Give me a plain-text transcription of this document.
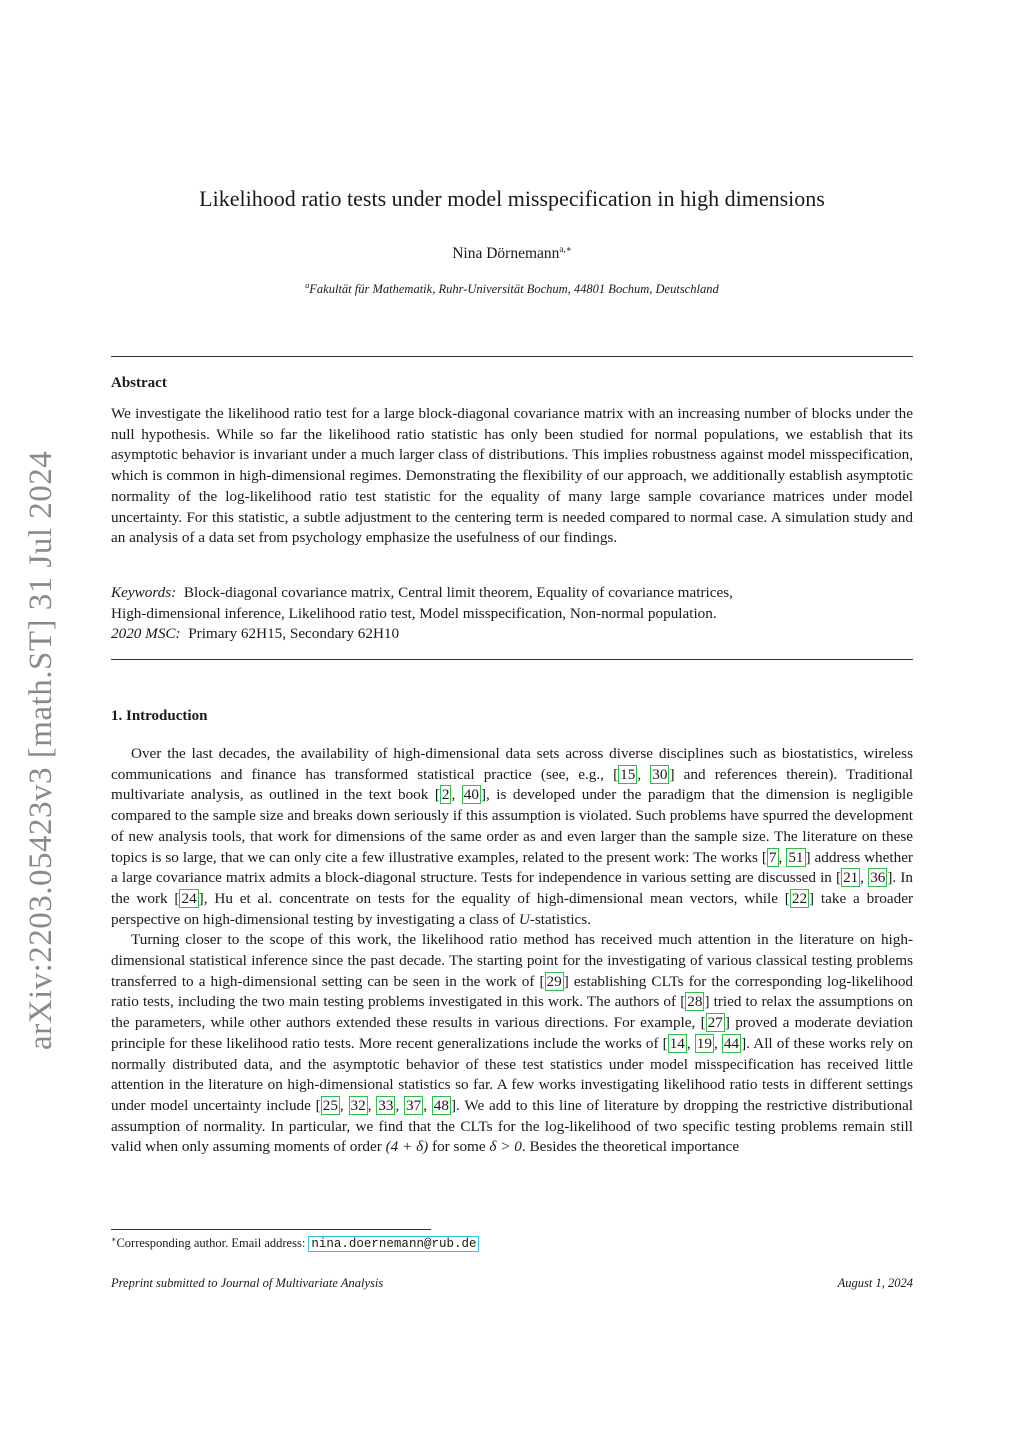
arXiv:2203.05423v3 [math.ST] 31 Jul 2024
Likelihood ratio tests under model misspecification in high dimensions
Nina Dörnemann$^{a,∗}$
$^a$Fakultät für Mathematik, Ruhr-Universität Bochum, 44801 Bochum, Deutschland
Abstract

We investigate the likelihood ratio test for a large block-diagonal covariance matrix with an increasing number of blocks under the null hypothesis. While so far the likelihood ratio statistic has only been studied for normal populations, we establish that its asymptotic behavior is invariant under a much larger class of distributions. This implies robustness against model misspecification, which is common in high-dimensional regimes. Demonstrating the flexibility of our approach, we additionally establish asymptotic normality of the log-likelihood ratio test statistic for the equality of many large sample covariance matrices under model uncertainty. For this statistic, a subtle adjustment to the centering term is needed compared to normal case. A simulation study and an analysis of a data set from psychology emphasize the usefulness of our findings.

Keywords: Block-diagonal covariance matrix, Central limit theorem, Equality of covariance matrices,
High-dimensional inference, Likelihood ratio test, Model misspecification, Non-normal population.
2020 MSC: Primary 62H15, Secondary 62H10
1. Introduction

Over the last decades, the availability of high-dimensional data sets across diverse disciplines such as biostatistics, wireless communications and finance has transformed statistical practice (see, e.g., [ 15 , 30 ] and references therein). Traditional multivariate analysis, as outlined in the text book [ 2 , 40 ], is developed under the paradigm that the dimension is negligible compared to the sample size and breaks down seriously if this assumption is violated. Such problems have spurred the development of new analysis tools, that work for dimensions of the same order as and even larger than the sample size. The literature on these topics is so large, that we can only cite a few illustrative examples, related to the present work: The works [ 7 , 51 ] address whether a large covariance matrix admits a block-diagonal structure. Tests for independence in various setting are discussed in [ 21 , 36 ]. In the work [ 24 ], Hu et al. concentrate on tests for the equality of high-dimensional mean vectors, while [ 22 ] take a broader perspective on high-dimensional testing by investigating a class of U-statistics.

Turning closer to the scope of this work, the likelihood ratio method has received much attention in the literature on high-dimensional statistical inference since the past decade. The starting point for the investigating of various classical testing problems transferred to a high-dimensional setting can be seen in the work of [ 29 ] establishing CLTs for the corresponding log-likelihood ratio tests, including the two main testing problems investigated in this work. The authors of [ 28 ] tried to relax the assumptions on the parameters, while other authors extended these results in various directions. For example, [ 27 ] proved a moderate deviation principle for these likelihood ratio tests. More recent generalizations include the works of [ 14 , 19 , 44 ]. All of these works rely on normally distributed data, and the asymptotic behavior of these test statistics under model misspecification has received little attention in the literature on high-dimensional statistics so far. A few works investigating likelihood ratio tests in different settings under model uncertainty include [ 25 , 32 , 33 , 37 , 48 ]. We add to this line of literature by dropping the restrictive distributional assumption of normality. In particular, we find that the CLTs for the log-likelihood of two specific testing problems remain still valid when only assuming moments of order (4 + δ) for some δ > 0. Besides the theoretical importance

∗Corresponding author. Email address: nina.doernemann@rub.de
Preprint submitted to Journal of Multivariate Analysis	August 1, 2024
